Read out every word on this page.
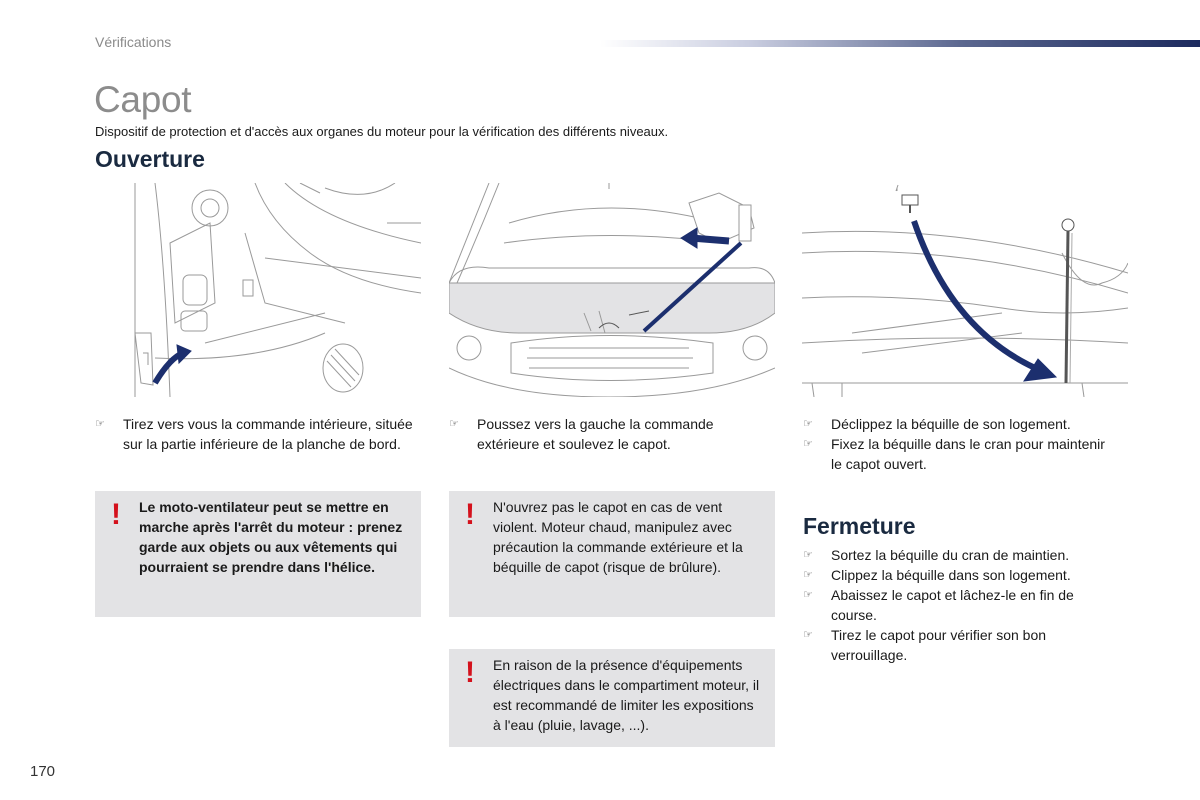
Vérifications
Capot
Dispositif de protection et d'accès aux organes du moteur pour la vérification des différents niveaux.
Ouverture
☞ Tirez vers vous la commande intérieure, située sur la partie inférieure de la planche de bord.
☞ Poussez vers la gauche la commande extérieure et soulevez le capot.
☞ Déclippez la béquille de son logement.
☞ Fixez la béquille dans le cran pour maintenir le capot ouvert.
! Le moto-ventilateur peut se mettre en marche après l'arrêt du moteur : prenez garde aux objets ou aux vêtements qui pourraient se prendre dans l'hélice.
! N'ouvrez pas le capot en cas de vent violent. Moteur chaud, manipulez avec précaution la commande extérieure et la béquille de capot (risque de brûlure).
! En raison de la présence d'équipements électriques dans le compartiment moteur, il est recommandé de limiter les expositions à l'eau (pluie, lavage, ...).
Fermeture
☞ Sortez la béquille du cran de maintien.
☞ Clippez la béquille dans son logement.
☞ Abaissez le capot et lâchez-le en fin de course.
☞ Tirez le capot pour vérifier son bon verrouillage.
170
